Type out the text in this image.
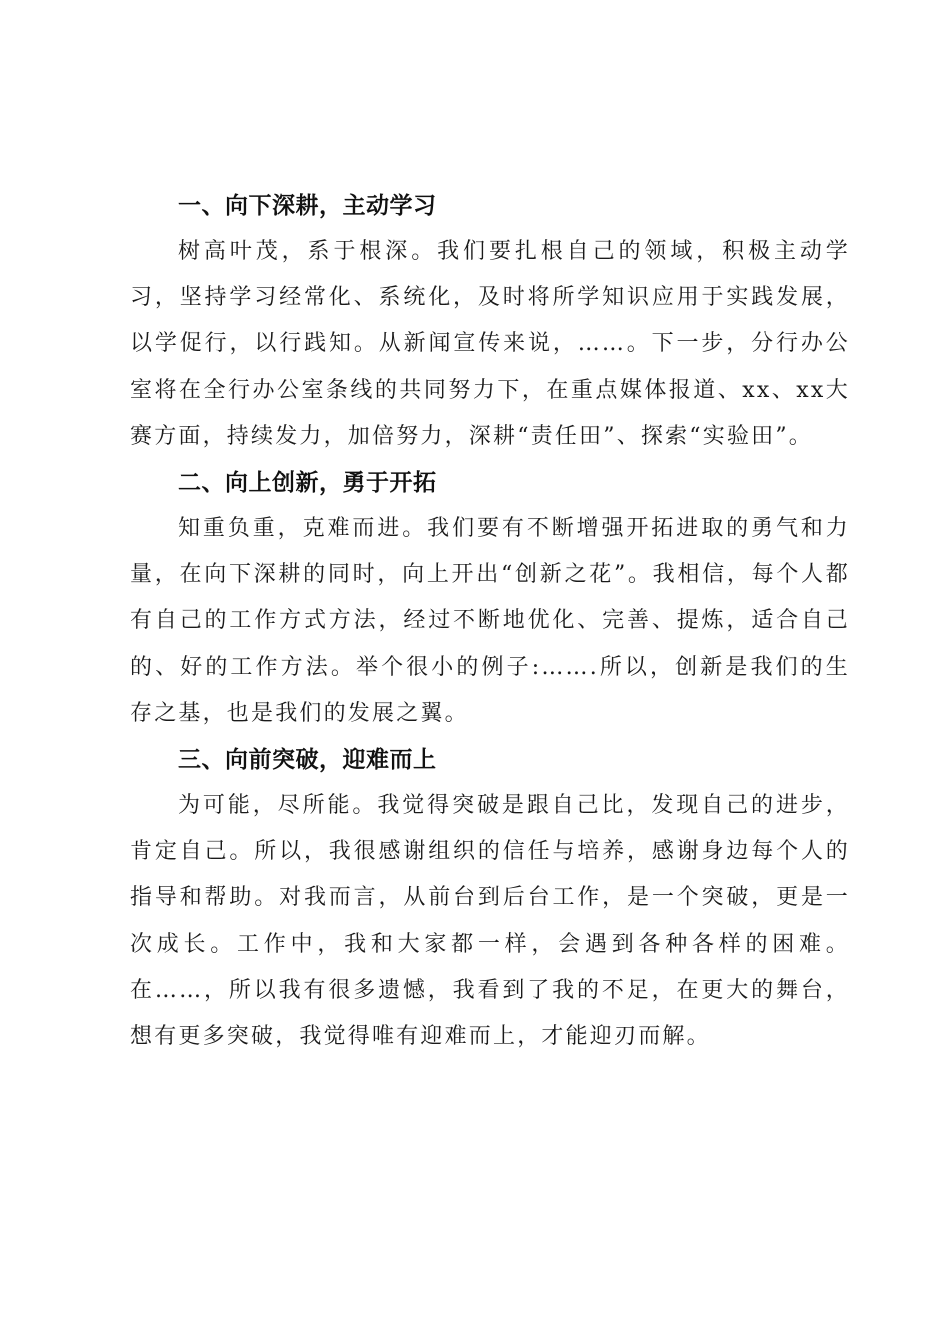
一、向下深耕，主动学习

树高叶茂，系于根深。我们要扎根自己的领域，积极主动学习，坚持学习经常化、系统化，及时将所学知识应用于实践发展，以学促行，以行践知。从新闻宣传来说，……。下一步，分行办公室将在全行办公室条线的共同努力下，在重点媒体报道、xx、xx大赛方面，持续发力，加倍努力，深耕“责任田”、探索“实验田”。

二、向上创新，勇于开拓

知重负重，克难而进。我们要有不断增强开拓进取的勇气和力量，在向下深耕的同时，向上开出“创新之花”。我相信，每个人都有自己的工作方式方法，经过不断地优化、完善、提炼，适合自己的、好的工作方法。举个很小的例子:…….所以，创新是我们的生存之基，也是我们的发展之翼。

三、向前突破，迎难而上

为可能，尽所能。我觉得突破是跟自己比，发现自己的进步，肯定自己。所以，我很感谢组织的信任与培养，感谢身边每个人的指导和帮助。对我而言，从前台到后台工作，是一个突破，更是一次成长。工作中，我和大家都一样，会遇到各种各样的困难。在……，所以我有很多遗憾，我看到了我的不足，在更大的舞台，想有更多突破，我觉得唯有迎难而上，才能迎刃而解。
